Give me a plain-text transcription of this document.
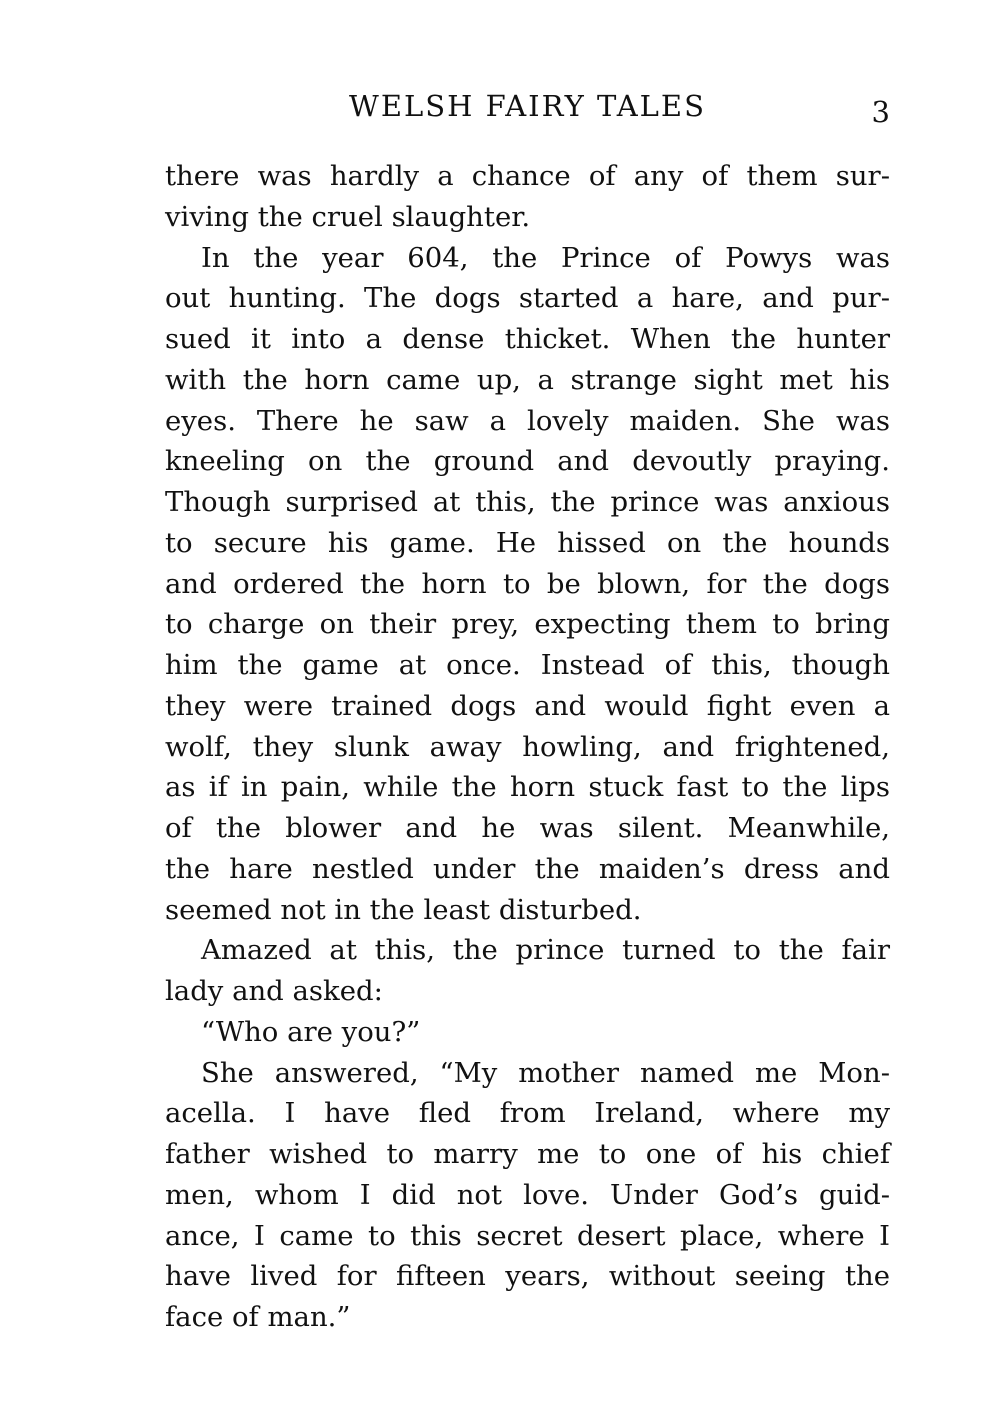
WELSH FAIRY TALES	3
there was hardly a chance of any of them sur-
viving the cruel slaughter.
In the year 604, the Prince of Powys was
out hunting. The dogs started a hare, and pur-
sued it into a dense thicket. When the hunter
with the horn came up, a strange sight met his
eyes. There he saw a lovely maiden. She was
kneeling on the ground and devoutly praying.
Though surprised at this, the prince was anxious
to secure his game. He hissed on the hounds
and ordered the horn to be blown, for the dogs
to charge on their prey, expecting them to bring
him the game at once. Instead of this, though
they were trained dogs and would fight even a
wolf, they slunk away howling, and frightened,
as if in pain, while the horn stuck fast to the lips
of the blower and he was silent. Meanwhile,
the hare nestled under the maiden’s dress and
seemed not in the least disturbed.
Amazed at this, the prince turned to the fair
lady and asked:
“Who are you?”
She answered, “My mother named me Mon-
acella. I have fled from Ireland, where my
father wished to marry me to one of his chief
men, whom I did not love. Under God’s guid-
ance, I came to this secret desert place, where I
have lived for fifteen years, without seeing the
face of man.”
